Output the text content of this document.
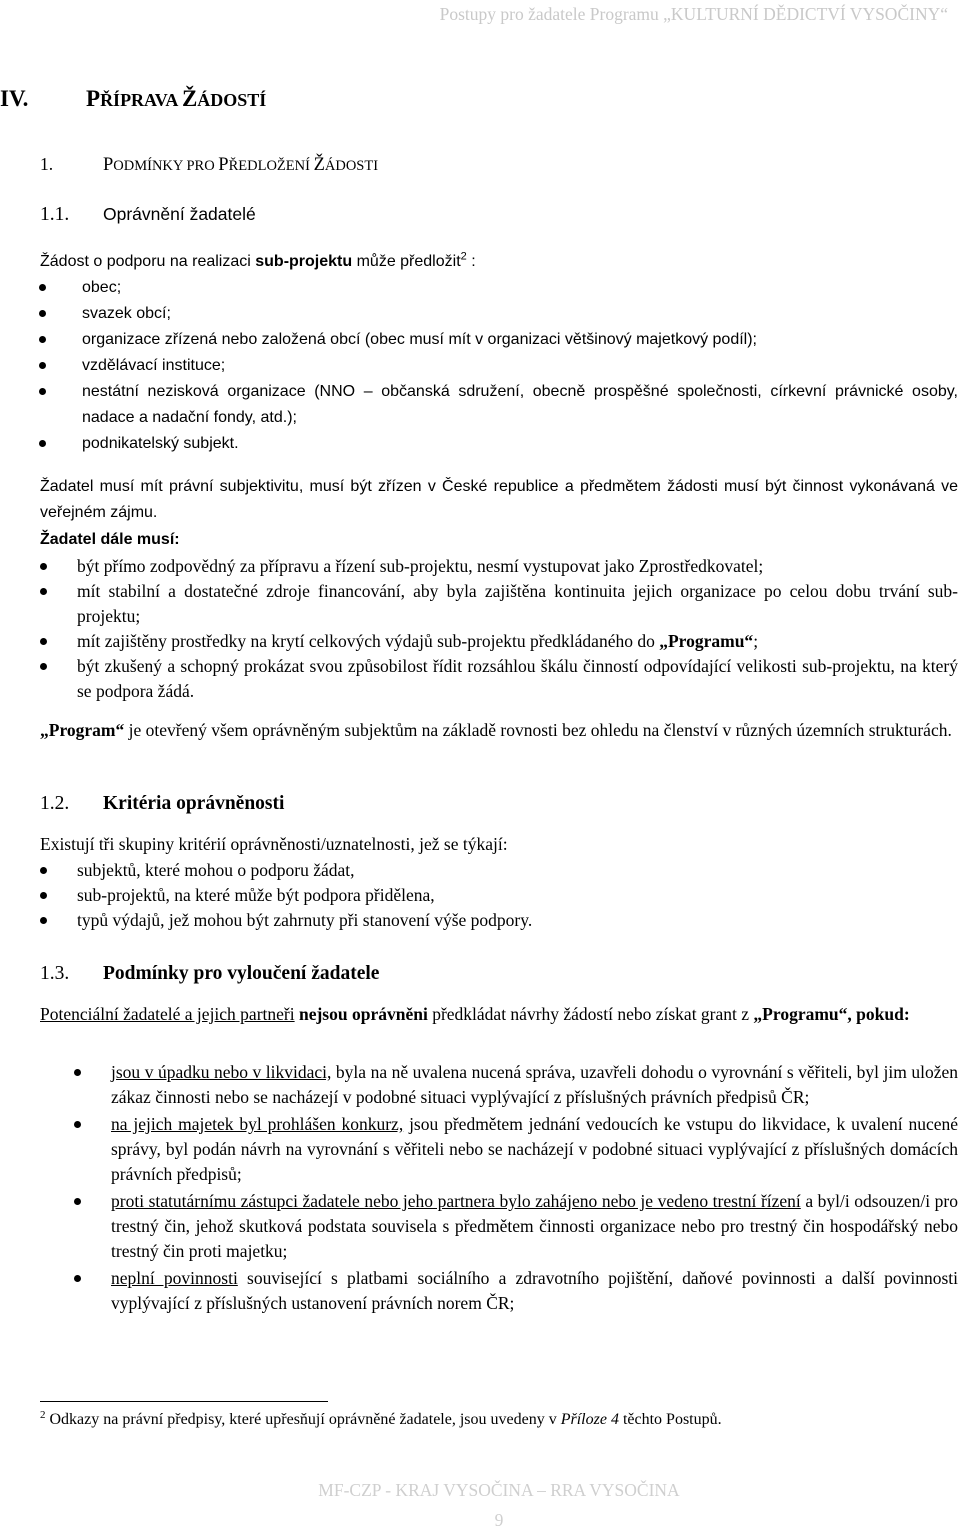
Postupy pro žadatele Programu „KULTURNÍ DĚDICTVÍ VYSOČINY“
IV.	PŘÍPRAVA ŽÁDOSTÍ
1.	PODMÍNKY PRO PŘEDLOŽENÍ ŽÁDOSTI
1.1. Oprávnění žadatelé
Žádost o podporu na realizaci sub-projektu může předložit$^2$ :
obec;
svazek obcí;
organizace zřízená nebo založená obcí (obec musí mít v organizaci většinový majetkový podíl);
vzdělávací instituce;
nestátní nezisková organizace (NNO – občanská sdružení, obecně prospěšné společnosti, církevní právnické osoby, nadace a nadační fondy, atd.);
podnikatelský subjekt.
Žadatel musí mít právní subjektivitu, musí být zřízen v České republice a předmětem žádosti musí být činnost vykonávaná ve veřejném zájmu.
Žadatel dále musí:
být přímo zodpovědný za přípravu a řízení sub-projektu, nesmí vystupovat jako Zprostředkovatel;
mít stabilní a dostatečné zdroje financování, aby byla zajištěna kontinuita jejich organizace po celou dobu trvání sub-projektu;
mít zajištěny prostředky na krytí celkových výdajů sub-projektu předkládaného do „Programu“;
být zkušený a schopný prokázat svou způsobilost řídit rozsáhlou škálu činností odpovídající velikosti sub-projektu, na který se podpora žádá.
„Program“ je otevřený všem oprávněným subjektům na základě rovnosti bez ohledu na členství v různých územních strukturách.
1.2. Kritéria oprávněnosti
Existují tři skupiny kritérií oprávněnosti/uznatelnosti, jež se týkají:
subjektů, které mohou o podporu žádat,
sub-projektů, na které může být podpora přidělena,
typů výdajů, jež mohou být zahrnuty při stanovení výše podpory.
1.3. Podmínky pro vyloučení žadatele
Potenciální žadatelé a jejich partneři nejsou oprávněni předkládat návrhy žádostí nebo získat grant z „Programu“, pokud:
jsou v úpadku nebo v likvidaci, byla na ně uvalena nucená správa, uzavřeli dohodu o vyrovnání s věřiteli, byl jim uložen zákaz činnosti nebo se nacházejí v podobné situaci vyplývající z příslušných právních předpisů ČR;
na jejich majetek byl prohlášen konkurz, jsou předmětem jednání vedoucích ke vstupu do likvidace, k uvalení nucené správy, byl podán návrh na vyrovnání s věřiteli nebo se nacházejí v podobné situaci vyplývající z příslušných domácích právních předpisů;
proti statutárnímu zástupci žadatele nebo jeho partnera bylo zahájeno nebo je vedeno trestní řízení a byl/i odsouzen/i pro trestný čin, jehož skutková podstata souvisela s předmětem činnosti organizace nebo pro trestný čin hospodářský nebo trestný čin proti majetku;
neplní povinnosti související s platbami sociálního a zdravotního pojištění, daňové povinnosti a další povinnosti vyplývající z příslušných ustanovení právních norem ČR;
$^2$ Odkazy na právní předpisy, které upřesňují oprávněné žadatele, jsou uvedeny v Příloze 4 těchto Postupů.
MF-CZP - KRAJ VYSOČINA – RRA VYSOČINA
9
